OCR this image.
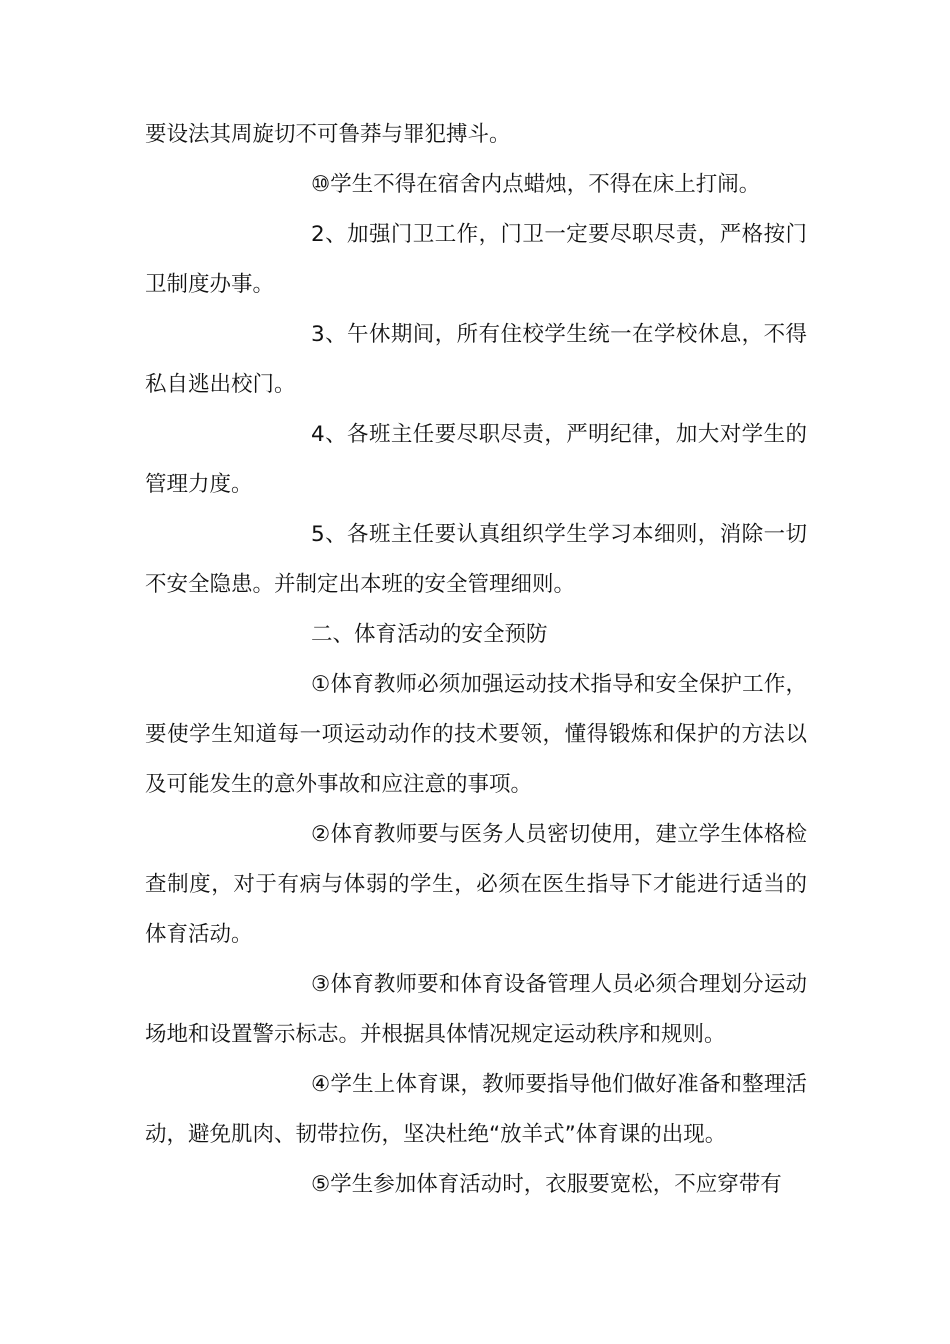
要设法其周旋切不可鲁莽与罪犯搏斗。

⑩学生不得在宿舍内点蜡烛，不得在床上打闹。

2、加强门卫工作，门卫一定要尽职尽责，严格按门卫制度办事。

3、午休期间，所有住校学生统一在学校休息，不得私自逃出校门。

4、各班主任要尽职尽责，严明纪律，加大对学生的管理力度。

5、各班主任要认真组织学生学习本细则，消除一切不安全隐患。并制定出本班的安全管理细则。

二、体育活动的安全预防

①体育教师必须加强运动技术指导和安全保护工作，要使学生知道每一项运动动作的技术要领，懂得锻炼和保护的方法以及可能发生的意外事故和应注意的事项。

②体育教师要与医务人员密切使用，建立学生体格检查制度，对于有病与体弱的学生，必须在医生指导下才能进行适当的体育活动。

③体育教师要和体育设备管理人员必须合理划分运动场地和设置警示标志。并根据具体情况规定运动秩序和规则。

④学生上体育课，教师要指导他们做好准备和整理活动，避免肌肉、韧带拉伤，坚决杜绝“放羊式”体育课的出现。

⑤学生参加体育活动时，衣服要宽松，不应穿带有
